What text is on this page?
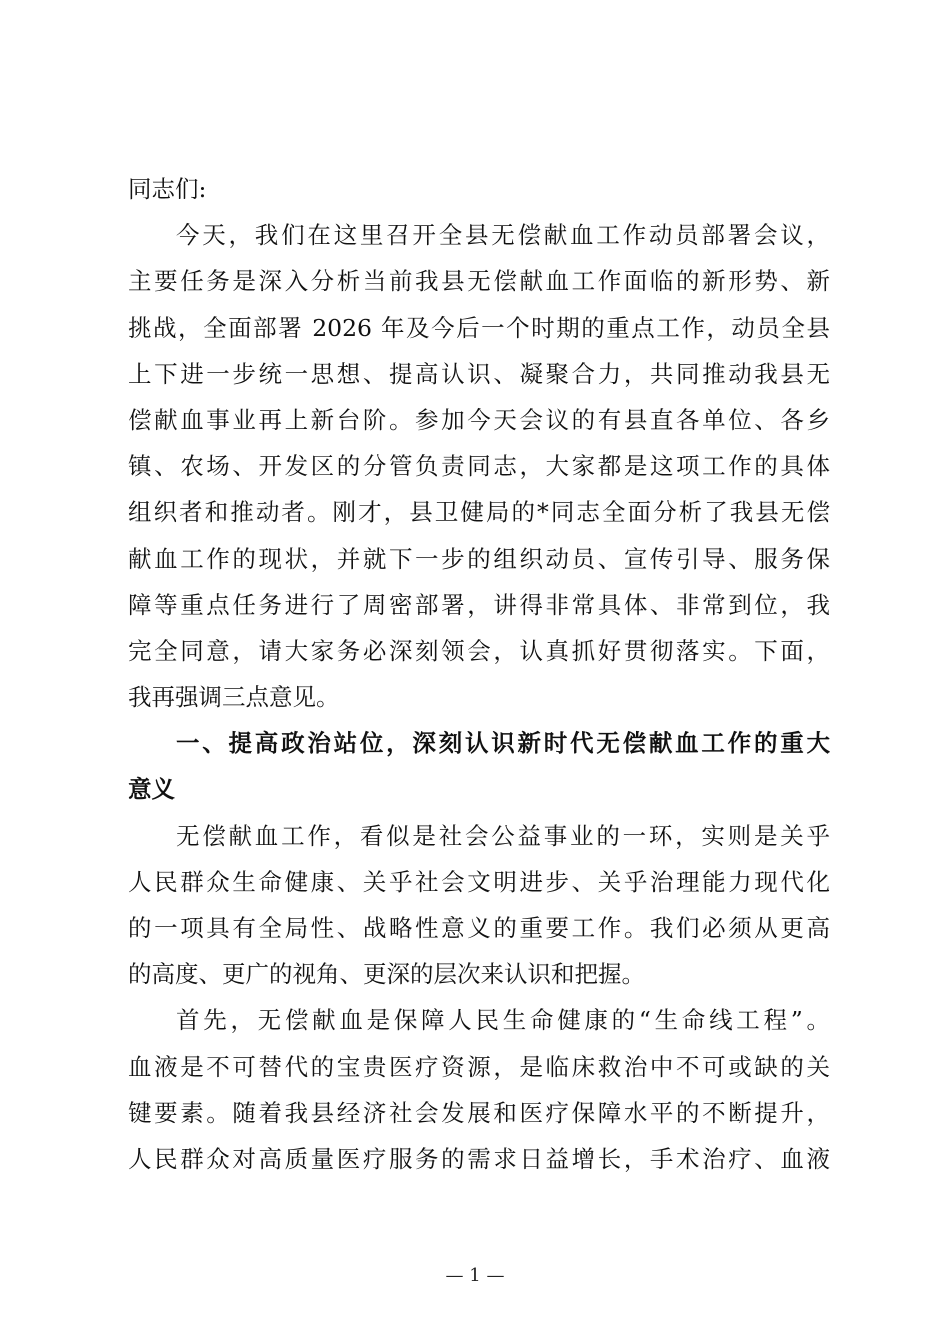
同志们:
今天，我们在这里召开全县无偿献血工作动员部署会议，
主要任务是深入分析当前我县无偿献血工作面临的新形势、新
挑战，全面部署 2026 年及今后一个时期的重点工作，动员全县
上下进一步统一思想、提高认识、凝聚合力，共同推动我县无
偿献血事业再上新台阶。参加今天会议的有县直各单位、各乡
镇、农场、开发区的分管负责同志，大家都是这项工作的具体
组织者和推动者。刚才，县卫健局的*同志全面分析了我县无偿
献血工作的现状，并就下一步的组织动员、宣传引导、服务保
障等重点任务进行了周密部署，讲得非常具体、非常到位，我
完全同意，请大家务必深刻领会，认真抓好贯彻落实。下面，
我再强调三点意见。
一、提高政治站位，深刻认识新时代无偿献血工作的重大
意义
无偿献血工作，看似是社会公益事业的一环，实则是关乎
人民群众生命健康、关乎社会文明进步、关乎治理能力现代化
的一项具有全局性、战略性意义的重要工作。我们必须从更高
的高度、更广的视角、更深的层次来认识和把握。
首先，无偿献血是保障人民生命健康的“生命线工程”。
血液是不可替代的宝贵医疗资源，是临床救治中不可或缺的关
键要素。随着我县经济社会发展和医疗保障水平的不断提升，
人民群众对高质量医疗服务的需求日益增长，手术治疗、血液
— 1 —
